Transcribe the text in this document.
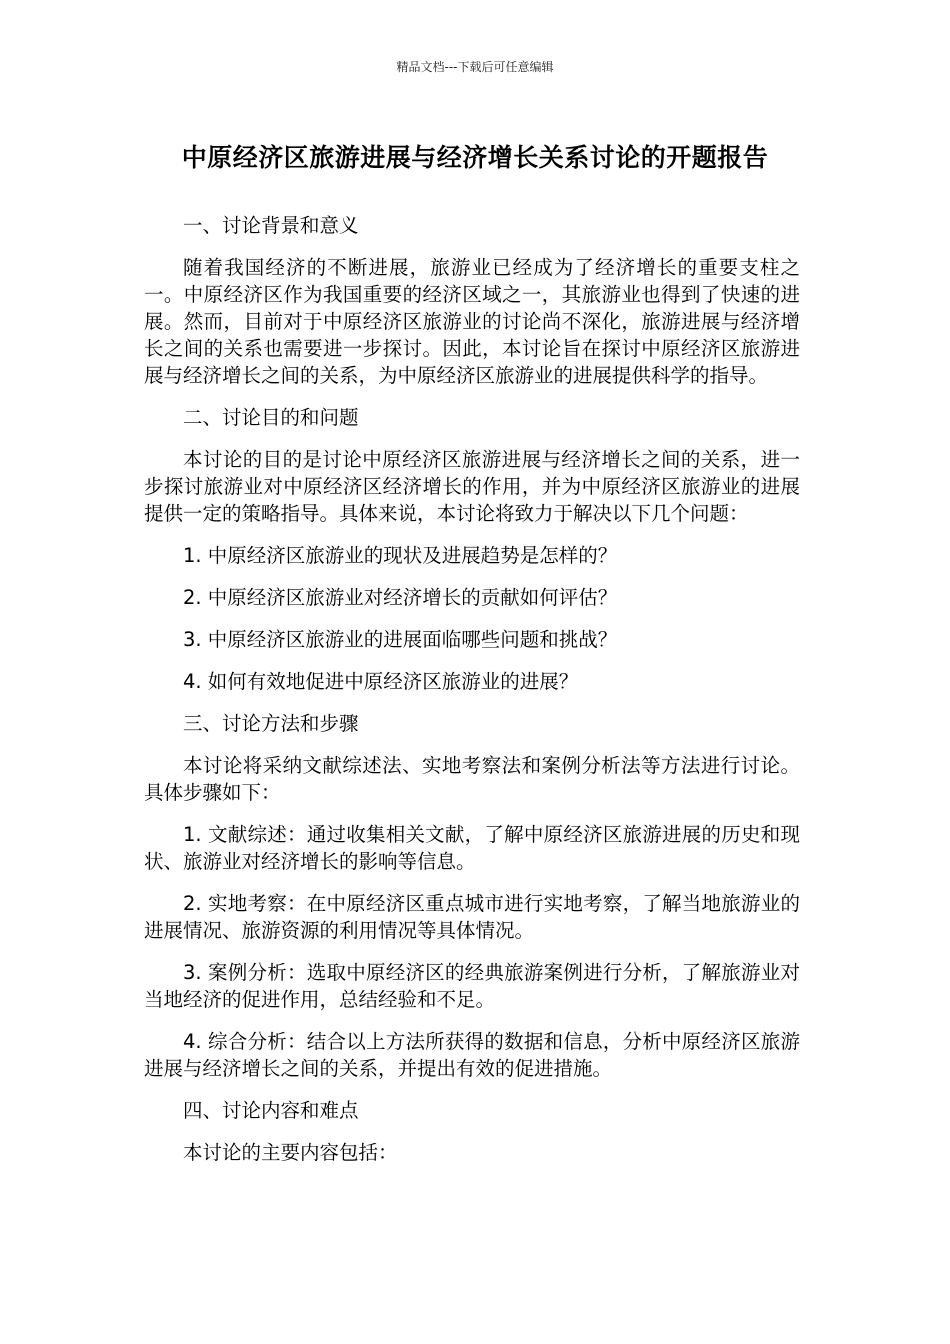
精品文档---下载后可任意编辑
中原经济区旅游进展与经济增长关系讨论的开题报告

一、讨论背景和意义

随着我国经济的不断进展，旅游业已经成为了经济增长的重要支柱之一。中原经济区作为我国重要的经济区域之一，其旅游业也得到了快速的进展。然而，目前对于中原经济区旅游业的讨论尚不深化，旅游进展与经济增长之间的关系也需要进一步探讨。因此，本讨论旨在探讨中原经济区旅游进展与经济增长之间的关系，为中原经济区旅游业的进展提供科学的指导。

二、讨论目的和问题

本讨论的目的是讨论中原经济区旅游进展与经济增长之间的关系，进一步探讨旅游业对中原经济区经济增长的作用，并为中原经济区旅游业的进展提供一定的策略指导。具体来说，本讨论将致力于解决以下几个问题：

1. 中原经济区旅游业的现状及进展趋势是怎样的？

2. 中原经济区旅游业对经济增长的贡献如何评估？

3. 中原经济区旅游业的进展面临哪些问题和挑战？

4. 如何有效地促进中原经济区旅游业的进展？

三、讨论方法和步骤

本讨论将采纳文献综述法、实地考察法和案例分析法等方法进行讨论。具体步骤如下：

1. 文献综述：通过收集相关文献，了解中原经济区旅游进展的历史和现状、旅游业对经济增长的影响等信息。

2. 实地考察：在中原经济区重点城市进行实地考察，了解当地旅游业的进展情况、旅游资源的利用情况等具体情况。

3. 案例分析：选取中原经济区的经典旅游案例进行分析，了解旅游业对当地经济的促进作用，总结经验和不足。

4. 综合分析：结合以上方法所获得的数据和信息，分析中原经济区旅游进展与经济增长之间的关系，并提出有效的促进措施。

四、讨论内容和难点

本讨论的主要内容包括：
